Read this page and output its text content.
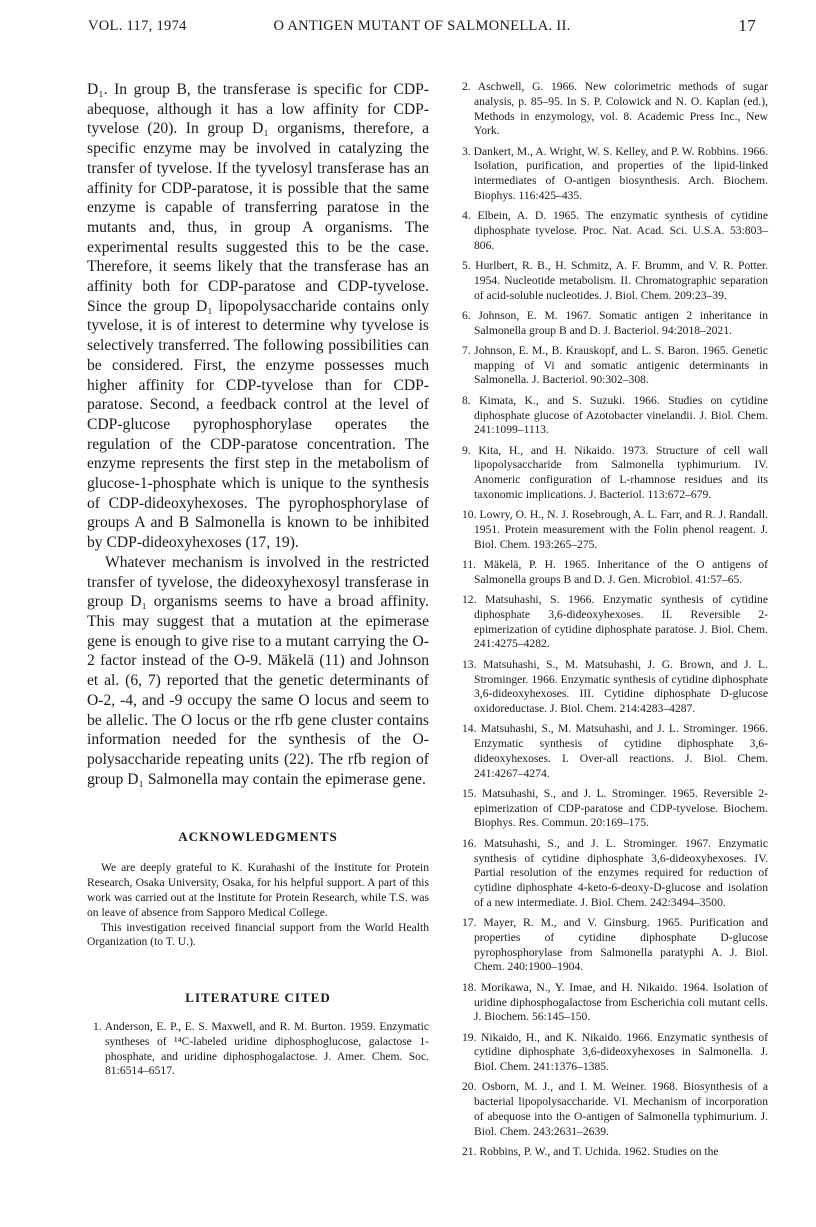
VOL. 117, 1974	O ANTIGEN MUTANT OF SALMONELLA. II.	17

D₁. In group B, the transferase is specific for CDP-abequose, although it has a low affinity for CDP-tyvelose (20). In group D₁ organisms, therefore, a specific enzyme may be involved in catalyzing the transfer of tyvelose. If the tyvelosyl transferase has an affinity for CDP-paratose, it is possible that the same enzyme is capable of transferring paratose in the mutants and, thus, in group A organisms. The experimental results suggested this to be the case. Therefore, it seems likely that the transferase has an affinity both for CDP-paratose and CDP-tyvelose. Since the group D₁ lipopolysaccharide contains only tyvelose, it is of interest to determine why tyvelose is selectively transferred. The following possibilities can be considered. First, the enzyme possesses much higher affinity for CDP-tyvelose than for CDP-paratose. Second, a feedback control at the level of CDP-glucose pyrophosphorylase operates the regulation of the CDP-paratose concentration. The enzyme represents the first step in the metabolism of glucose-1-phosphate which is unique to the synthesis of CDP-dideoxyhexoses. The pyrophosphorylase of groups A and B Salmonella is known to be inhibited by CDP-dideoxyhexoses (17, 19).

Whatever mechanism is involved in the restricted transfer of tyvelose, the dideoxyhexosyl transferase in group D₁ organisms seems to have a broad affinity. This may suggest that a mutation at the epimerase gene is enough to give rise to a mutant carrying the O-2 factor instead of the O-9. Mäkelä (11) and Johnson et al. (6, 7) reported that the genetic determinants of O-2, -4, and -9 occupy the same O locus and seem to be allelic. The O locus or the rfb gene cluster contains information needed for the synthesis of the O-polysaccharide repeating units (22). The rfb region of group D₁ Salmonella may contain the epimerase gene.

ACKNOWLEDGMENTS

We are deeply grateful to K. Kurahashi of the Institute for Protein Research, Osaka University, Osaka, for his helpful support. A part of this work was carried out at the Institute for Protein Research, while T.S. was on leave of absence from Sapporo Medical College.

This investigation received financial support from the World Health Organization (to T. U.).

LITERATURE CITED

1. Anderson, E. P., E. S. Maxwell, and R. M. Burton. 1959. Enzymatic syntheses of ¹⁴C-labeled uridine diphosphoglucose, galactose 1-phosphate, and uridine diphosphogalactose. J. Amer. Chem. Soc. 81:6514–6517.

2. Aschwell, G. 1966. New colorimetric methods of sugar analysis, p. 85–95. In S. P. Colowick and N. O. Kaplan (ed.), Methods in enzymology, vol. 8. Academic Press Inc., New York.

3. Dankert, M., A. Wright, W. S. Kelley, and P. W. Robbins. 1966. Isolation, purification, and properties of the lipid-linked intermediates of O-antigen biosynthesis. Arch. Biochem. Biophys. 116:425–435.

4. Elbein, A. D. 1965. The enzymatic synthesis of cytidine diphosphate tyvelose. Proc. Nat. Acad. Sci. U.S.A. 53:803–806.

5. Hurlbert, R. B., H. Schmitz, A. F. Brumm, and V. R. Potter. 1954. Nucleotide metabolism. II. Chromatographic separation of acid-soluble nucleotides. J. Biol. Chem. 209:23–39.

6. Johnson, E. M. 1967. Somatic antigen 2 inheritance in Salmonella group B and D. J. Bacteriol. 94:2018–2021.

7. Johnson, E. M., B. Krauskopf, and L. S. Baron. 1965. Genetic mapping of Vi and somatic antigenic determinants in Salmonella. J. Bacteriol. 90:302–308.

8. Kimata, K., and S. Suzuki. 1966. Studies on cytidine diphosphate glucose of Azotobacter vinelandii. J. Biol. Chem. 241:1099–1113.

9. Kita, H., and H. Nikaido. 1973. Structure of cell wall lipopolysaccharide from Salmonella typhimurium. IV. Anomeric configuration of L-rhamnose residues and its taxonomic implications. J. Bacteriol. 113:672–679.

10. Lowry, O. H., N. J. Rosebrough, A. L. Farr, and R. J. Randall. 1951. Protein measurement with the Folin phenol reagent. J. Biol. Chem. 193:265–275.

11. Mäkelä, P. H. 1965. Inheritance of the O antigens of Salmonella groups B and D. J. Gen. Microbiol. 41:57–65.

12. Matsuhashi, S. 1966. Enzymatic synthesis of cytidine diphosphate 3,6-dideoxyhexoses. II. Reversible 2-epimerization of cytidine diphosphate paratose. J. Biol. Chem. 241:4275–4282.

13. Matsuhashi, S., M. Matsuhashi, J. G. Brown, and J. L. Strominger. 1966. Enzymatic synthesis of cytidine diphosphate 3,6-dideoxyhexoses. III. Cytidine diphosphate D-glucose oxidoreductase. J. Biol. Chem. 214:4283–4287.

14. Matsuhashi, S., M. Matsuhashi, and J. L. Strominger. 1966. Enzymatic synthesis of cytidine diphosphate 3,6-dideoxyhexoses. I. Over-all reactions. J. Biol. Chem. 241:4267–4274.

15. Matsuhashi, S., and J. L. Strominger. 1965. Reversible 2-epimerization of CDP-paratose and CDP-tyvelose. Biochem. Biophys. Res. Commun. 20:169–175.

16. Matsuhashi, S., and J. L. Strominger. 1967. Enzymatic synthesis of cytidine diphosphate 3,6-dideoxyhexoses. IV. Partial resolution of the enzymes required for reduction of cytidine diphosphate 4-keto-6-deoxy-D-glucose and isolation of a new intermediate. J. Biol. Chem. 242:3494–3500.

17. Mayer, R. M., and V. Ginsburg. 1965. Purification and properties of cytidine diphosphate D-glucose pyrophosphorylase from Salmonella paratyphi A. J. Biol. Chem. 240:1900–1904.

18. Morikawa, N., Y. Imae, and H. Nikaido. 1964. Isolation of uridine diphosphogalactose from Escherichia coli mutant cells. J. Biochem. 56:145–150.

19. Nikaido, H., and K. Nikaido. 1966. Enzymatic synthesis of cytidine diphosphate 3,6-dideoxyhexoses in Salmonella. J. Biol. Chem. 241:1376–1385.

20. Osborn, M. J., and I. M. Weiner. 1968. Biosynthesis of a bacterial lipopolysaccharide. VI. Mechanism of incorporation of abequose into the O-antigen of Salmonella typhimurium. J. Biol. Chem. 243:2631–2639.

21. Robbins, P. W., and T. Uchida. 1962. Studies on the
